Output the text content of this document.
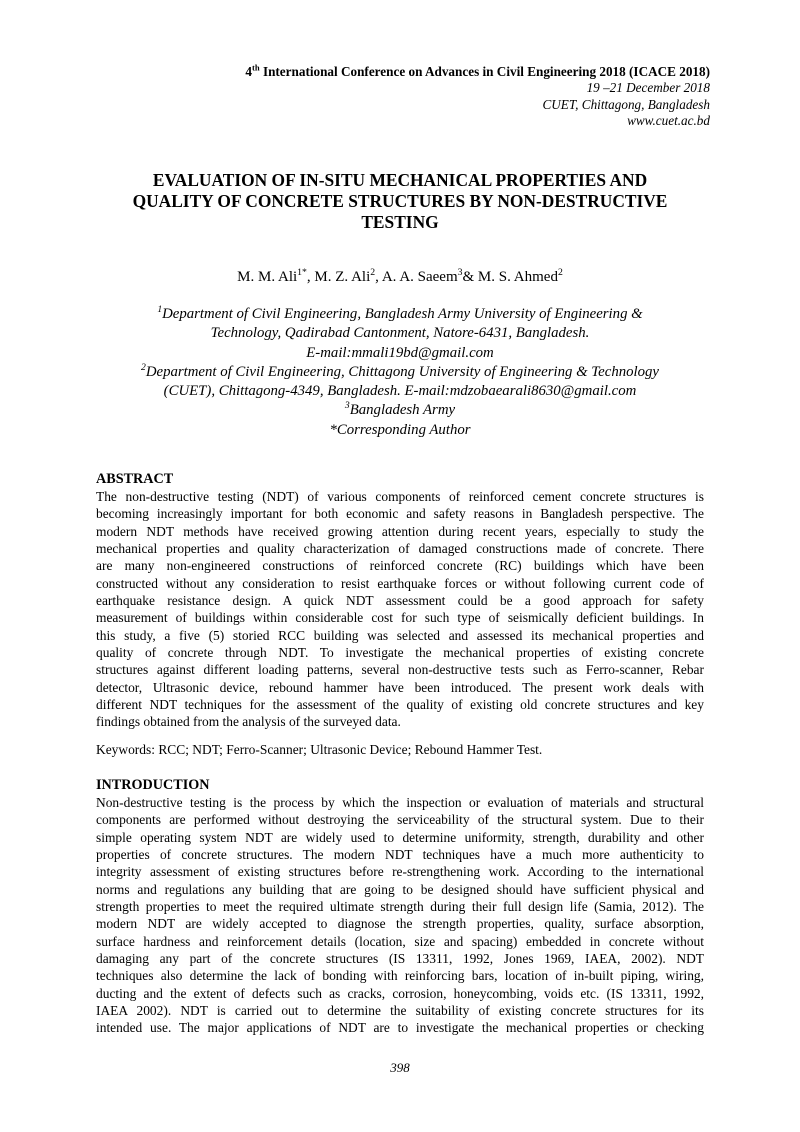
4th International Conference on Advances in Civil Engineering 2018 (ICACE 2018)
19 –21 December 2018
CUET, Chittagong, Bangladesh
www.cuet.ac.bd
EVALUATION OF IN-SITU MECHANICAL PROPERTIES AND
QUALITY OF CONCRETE STRUCTURES BY NON-DESTRUCTIVE
TESTING
M. M. Ali$^{1*}$, M. Z. Ali$^2$, A. A. Saeem$^3$& M. S. Ahmed$^2$
$^1$Department of Civil Engineering, Bangladesh Army University of Engineering &
Technology, Qadirabad Cantonment, Natore-6431, Bangladesh.
E-mail:mmali19bd@gmail.com
$^2$Department of Civil Engineering, Chittagong University of Engineering & Technology
(CUET), Chittagong-4349, Bangladesh. E-mail:mdzobaearali8630@gmail.com
$^3$Bangladesh Army
*Corresponding Author
ABSTRACT
The non-destructive testing (NDT) of various components of reinforced cement concrete structures is
becoming increasingly important for both economic and safety reasons in Bangladesh perspective. The
modern NDT methods have received growing attention during recent years, especially to study the
mechanical properties and quality characterization of damaged constructions made of concrete. There
are many non-engineered constructions of reinforced concrete (RC) buildings which have been
constructed without any consideration to resist earthquake forces or without following current code of
earthquake resistance design. A quick NDT assessment could be a good approach for safety
measurement of buildings within considerable cost for such type of seismically deficient buildings. In
this study, a five (5) storied RCC building was selected and assessed its mechanical properties and
quality of concrete through NDT. To investigate the mechanical properties of existing concrete
structures against different loading patterns, several non-destructive tests such as Ferro-scanner, Rebar
detector, Ultrasonic device, rebound hammer have been introduced. The present work deals with
different NDT techniques for the assessment of the quality of existing old concrete structures and key
findings obtained from the analysis of the surveyed data.
Keywords: RCC; NDT; Ferro-Scanner; Ultrasonic Device; Rebound Hammer Test.
INTRODUCTION
Non-destructive testing is the process by which the inspection or evaluation of materials and structural
components are performed without destroying the serviceability of the structural system. Due to their
simple operating system NDT are widely used to determine uniformity, strength, durability and other
properties of concrete structures. The modern NDT techniques have a much more authenticity to
integrity assessment of existing structures before re-strengthening work. According to the international
norms and regulations any building that are going to be designed should have sufficient physical and
strength properties to meet the required ultimate strength during their full design life (Samia, 2012). The
modern NDT are widely accepted to diagnose the strength properties, quality, surface absorption,
surface hardness and reinforcement details (location, size and spacing) embedded in concrete without
damaging any part of the concrete structures (IS 13311, 1992, Jones 1969, IAEA, 2002). NDT
techniques also determine the lack of bonding with reinforcing bars, location of in-built piping, wiring,
ducting and the extent of defects such as cracks, corrosion, honeycombing, voids etc. (IS 13311, 1992,
IAEA 2002). NDT is carried out to determine the suitability of existing concrete structures for its
intended use. The major applications of NDT are to investigate the mechanical properties or checking
398
